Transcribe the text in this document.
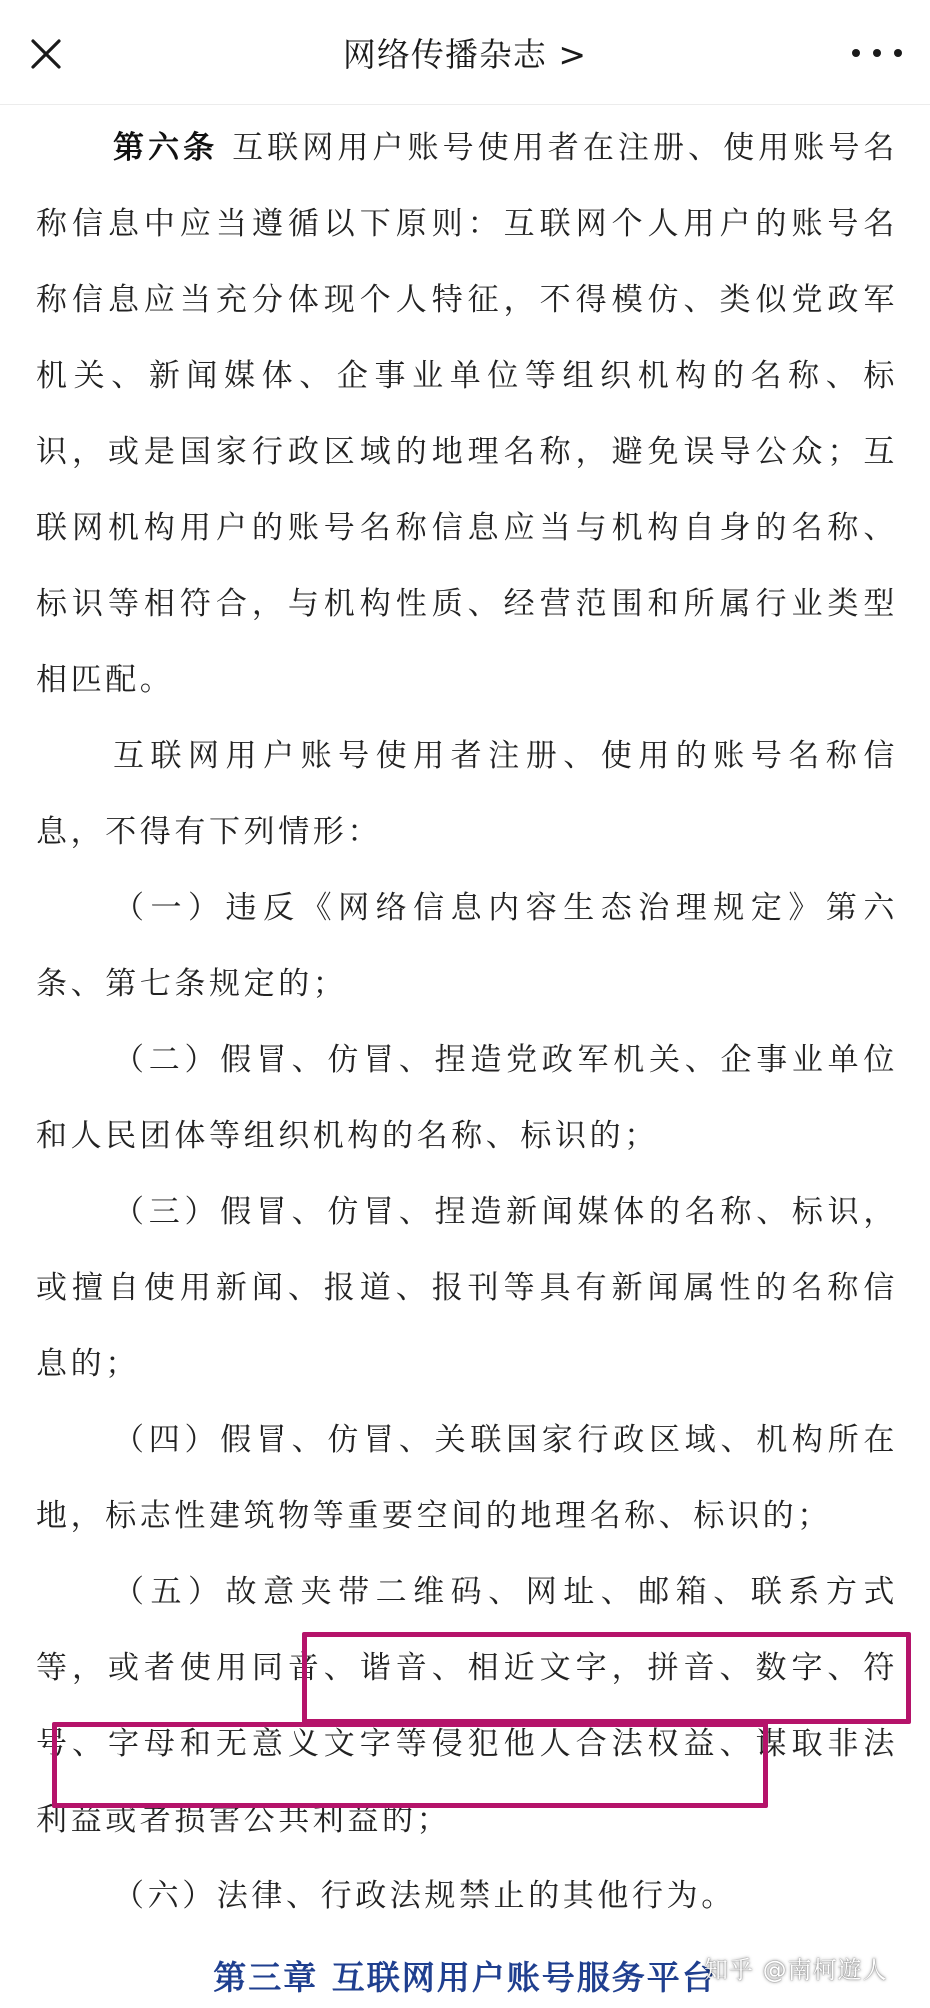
网络传播杂志 >

第六条 互联网用户账号使用者在注册、使用账号名称信息中应当遵循以下原则：互联网个人用户的账号名称信息应当充分体现个人特征，不得模仿、类似党政军机关、新闻媒体、企事业单位等组织机构的名称、标识，或是国家行政区域的地理名称，避免误导公众；互联网机构用户的账号名称信息应当与机构自身的名称、标识等相符合，与机构性质、经营范围和所属行业类型相匹配。

互联网用户账号使用者注册、使用的账号名称信息，不得有下列情形：

（一）违反《网络信息内容生态治理规定》第六条、第七条规定的；

（二）假冒、仿冒、捏造党政军机关、企事业单位和人民团体等组织机构的名称、标识的；

（三）假冒、仿冒、捏造新闻媒体的名称、标识，或擅自使用新闻、报道、报刊等具有新闻属性的名称信息的；

（四）假冒、仿冒、关联国家行政区域、机构所在地，标志性建筑物等重要空间的地理名称、标识的；

（五）故意夹带二维码、网址、邮箱、联系方式等，或者使用同音、谐音、相近文字，拼音、数字、符号、字母和无意义文字等侵犯他人合法权益、谋取非法利益或者损害公共利益的；

（六）法律、行政法规禁止的其他行为。

第三章 互联网用户账号服务平台
知乎 @南柯遊人
